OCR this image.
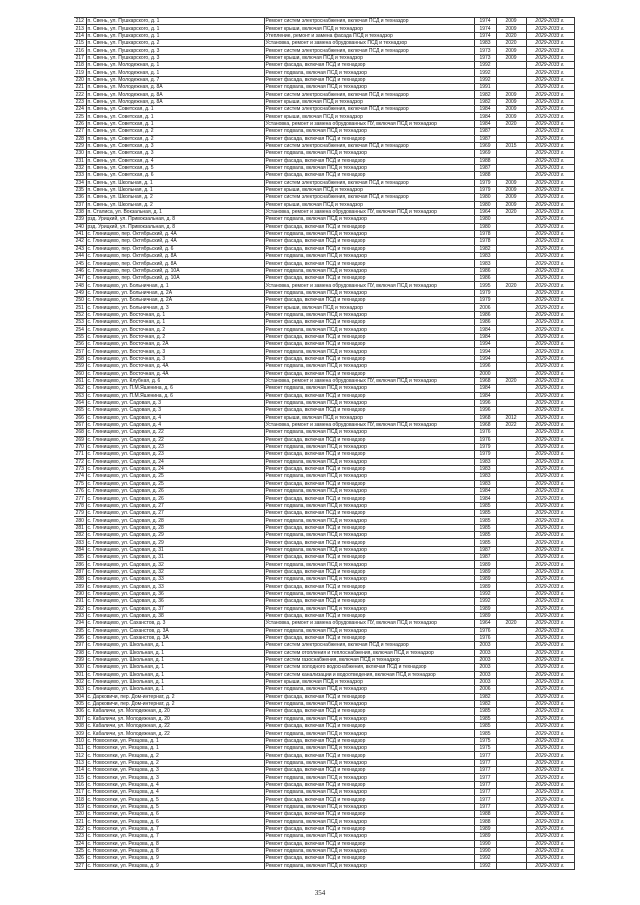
212	п. Свень, ул. Пушкарского, д. 1	Ремонт систем электроснабжения, включая ПСД и техназдор	1974	2009	2029-2033 г.
213	п. Свень, ул. Пушкарского, д. 1	Ремонт крыши, включая ПСД и технадзор	1974	2009	2029-2033 г.
214	п. Свень, ул. Пушкарского, д. 1	Утепление, ремонт и замена фасада ПСД и технадзор	1974	2020	2029-2033 г.
215	п. Свень, ул. Пушкарского, д. 2	Установка, ремонт и замена обрудованных ПСД и технадзор	1983	2020	2029-2033 г.
216	п. Свень, ул. Пушкарского, д. 3	Ремонт систем электроснабжения, включая ПСД и технадзор	1973	2009	2029-2033 г.
217	п. Свень, ул. Пушкарского, д. 3	Ремонт крыши, включая ПСД и технадзор	1973	2009	2029-2033 г.
218	п. Свень, ул. Молодежная, д. 1	Ремонт фасада, включая ПСД и технадзор	1992		2029-2033 г.
219	п. Свень, ул. Молодежная, д. 1	Ремонт подвала, включая ПСД и технадзор	1992		2029-2033 г.
220	п. Свень, ул. Молодежная, д. 7	Ремонт фасада, включая ПСД и технадзор	1992		2029-2033 г.
221	п. Свень, ул. Молодежная, д. 8А	Ремонт подвала, включая ПСД и технадзор	1991		2029-2033 г.
222	п. Свень, ул. Молодежная, д. 8А	Ремонт систем электроснабжения, включая ПСД и технадзор	1982	2009	2029-2033 г.
223	п. Свень, ул. Молодежная, д. 8А	Ремонт крыши, включая ПСД и технадзор	1982	2009	2029-2033 г.
224	п. Свень, ул. Советская, д. 1	Ремонт систем электроснабжения, включая ПСД и технадзор	1984	2009	2029-2033 г.
225	п. Свень, ул. Советская, д. 1	Ремонт крыши, включая ПСД и технадзор	1984	2009	2029-2033 г.
226	п. Свень, ул. Советская, д. 1	Установка, ремонт и замена обрудованных ПУ, включая ПСД и технадзор	1984	2020	2029-2033 г.
227	п. Свень, ул. Советская, д. 2	Ремонт подвала, включая ПСД и технадзор	1987		2029-2033 г.
228	п. Свень, ул. Советская, д. 2	Ремонт фасада, включая ПСД и технадзор	1987		2029-2033 г.
229	п. Свень, ул. Советская, д. 3	Ремонт систем электроснабжения, включая ПСД и технадзор	1969	2015	2029-2033 г.
230	п. Свень, ул. Советская, д. 3	Ремонт подвала, включая ПСД и технадзор	1969		2029-2033 г.
231	п. Свень, ул. Советская, д. 4	Ремонт фасада, включая ПСД и технадзор	1988		2029-2033 г.
232	п. Свень, ул. Советская, д. 5	Ремонт подвала, включая ПСД и технадзор	1987		2029-2033 г.
233	п. Свень, ул. Советская, д. 6	Ремонт фасада, включая ПСД и технадзор	1988		2029-2033 г.
234	п. Свень, ул. Школьная, д. 1	Ремонт систем электроснабжения, включая ПСД и технадзор	1979	2009	2029-2033 г.
235	п. Свень, ул. Школьная, д. 1	Ремонт крыши, включая ПСД и технадзор	1979	2009	2029-2033 г.
236	п. Свень, ул. Школьная, д. 2	Ремонт систем электроснабжения, включая ПСД и технадзор	1980	2009	2029-2033 г.
237	п. Свень, ул. Школьная, д. 2	Ремонт крыши, включая ПСД и технадзор	1980	2009	2029-2033 г.
238	п. Сталиса, ул. Вокзальная, д. 1	Установка, ремонт и замена обрудованных ПУ, включая ПСД и технадзор	1964	2020	2029-2033 г.
239	рзд. Урицкий, ул. Привокзальная, д. 8	Ремонт подвала, включая ПСД и технадзор	1980		2029-2033 г.
240	рзд. Урицкий, ул. Привокзальная, д. 8	Ремонт фасада, включая ПСД и технадзор	1980		2029-2033 г.
241	с. Глинищево, пер. Октябрьский, д. 4А	Ремонт подвала, включая ПСД и технадзор	1978		2029-2033 г.
242	с. Глинищево, пер. Октябрьский, д. 4А	Ремонт фасада, включая ПСД и технадзор	1978		2029-2033 г.
243	с. Глинищево, пер. Октябрьский, д. 6	Ремонт фасада, включая ПСД и технадзор	1982		2029-2033 г.
244	с. Глинищево, пер. Октябрьский, д. 8А	Ремонт подвала, включая ПСД и технадзор	1983		2029-2033 г.
245	с. Глинищево, пер. Октябрьский, д. 8А	Ремонт фасада, включая ПСД и технадзор	1983		2029-2033 г.
246	с. Глинищево, пер. Октябрьский, д. 10А	Ремонт подвала, включая ПСД и технадзор	1986		2029-2033 г.
247	с. Глинищево, пер. Октябрьский, д. 10А	Ремонт фасада, включая ПСД и технадзор	1986		2029-2033 г.
248	с. Глинищево, ул. Больничная, д. 1	Установка, ремонт и замена обрудованных ПУ, включая ПСД и технадзор	1995	2020	2029-2033 г.
249	с. Глинищево, ул. Больничная, д. 2А	Ремонт подвала, включая ПСД и технадзор	1979		2029-2033 г.
250	с. Глинищево, ул. Больничная, д. 2А	Ремонт фасада, включая ПСД и технадзор	1979		2029-2033 г.
251	с. Глинищево, ул. Больничная, д. 3	Ремонт крыши, включая ПСД и технадзор	2006		2029-2033 г.
252	с. Глинищево, ул. Восточная, д. 1	Ремонт подвала, включая ПСД и технадзор	1986		2029-2033 г.
253	с. Глинищево, ул. Восточная, д. 1	Ремонт фасада, включая ПСД и технадзор	1986		2029-2033 г.
254	с. Глинищево, ул. Восточная, д. 2	Ремонт подвала, включая ПСД и технадзор	1984		2029-2033 г.
255	с. Глинищево, ул. Восточная, д. 2	Ремонт фасада, включая ПСД и технадзор	1984		2029-2033 г.
256	с. Глинищево, ул. Восточная, д. 2А	Ремонт фасада, включая ПСД и технадзор	1994		2029-2033 г.
257	с. Глинищево, ул. Восточная, д. 3	Ремонт подвала, включая ПСД и технадзор	1994		2029-2033 г.
258	с. Глинищево, ул. Восточная, д. 3	Ремонт фасада, включая ПСД и технадзор	1994		2029-2033 г.
259	с. Глинищево, ул. Восточная, д. 4А	Ремонт подвала, включая ПСД и технадзор	1996		2029-2033 г.
260	с. Глинищево, ул. Восточная, д. 4А	Ремонт фасада, включая ПСД и технадзор	2000		2029-2033 г.
261	с. Глинищево, ул. Клубная, д. 6	Установка, ремонт и замена обрудованных ПУ, включая ПСД и технадзор	1968	2020	2029-2033 г.
262	с. Глинищево, ул. П.М.Яшенина, д. 6	Ремонт подвала, включая ПСД и технадзор	1984		2029-2033 г.
263	с. Глинищево, ул. П.М.Яшенина, д. 6	Ремонт фасада, включая ПСД и технадзор	1984		2029-2033 г.
264	с. Глинищево, ул. Садовая, д. 3	Ремонт подвала, включая ПСД и технадзор	1996		2029-2033 г.
265	с. Глинищево, ул. Садовая, д. 3	Ремонт фасада, включая ПСД и технадзор	1996		2029-2033 г.
266	с. Глинищево, ул. Садовая, д. 4	Ремонт крыши, включая ПСД и технадзор	1968	2012	2029-2033 г.
267	с. Глинищево, ул. Садовая, д. 4	Установка, ремонт и замена обрудованных ПУ, включая ПСД и технадзор	1968	2022	2029-2033 г.
268	с. Глинищево, ул. Садовая, д. 22	Ремонт подвала, включая ПСД и технадзор	1976		2029-2033 г.
269	с. Глинищево, ул. Садовая, д. 22	Ремонт фасада, включая ПСД и технадзор	1976		2029-2033 г.
270	с. Глинищево, ул. Садовая, д. 23	Ремонт подвала, включая ПСД и технадзор	1979		2029-2033 г.
271	с. Глинищево, ул. Садовая, д. 23	Ремонт фасада, включая ПСД и технадзор	1979		2029-2033 г.
272	с. Глинищево, ул. Садовая, д. 24	Ремонт подвала, включая ПСД и технадзор	1983		2029-2033 г.
273	с. Глинищево, ул. Садовая, д. 24	Ремонт фасада, включая ПСД и технадзор	1983		2029-2033 г.
274	с. Глинищево, ул. Садовая, д. 25	Ремонт подвала, включая ПСД и технадзор	1983		2029-2033 г.
275	с. Глинищево, ул. Садовая, д. 25	Ремонт фасада, включая ПСД и технадзор	1983		2029-2033 г.
276	с. Глинищево, ул. Садовая, д. 26	Ремонт подвала, включая ПСД и технадзор	1984		2029-2033 г.
277	с. Глинищево, ул. Садовая, д. 26	Ремонт фасада, включая ПСД и технадзор	1984		2029-2033 г.
278	с. Глинищево, ул. Садовая, д. 27	Ремонт подвала, включая ПСД и технадзор	1985		2029-2033 г.
279	с. Глинищево, ул. Садовая, д. 27	Ремонт фасада, включая ПСД и технадзор	1985		2029-2033 г.
280	с. Глинищево, ул. Садовая, д. 28	Ремонт подвала, включая ПСД и технадзор	1985		2029-2033 г.
281	с. Глинищево, ул. Садовая, д. 28	Ремонт фасада, включая ПСД и технадзор	1985		2029-2033 г.
282	с. Глинищево, ул. Садовая, д. 29	Ремонт подвала, включая ПСД и технадзор	1985		2029-2033 г.
283	с. Глинищево, ул. Садовая, д. 29	Ремонт фасада, включая ПСД и технадзор	1985		2029-2033 г.
284	с. Глинищево, ул. Садовая, д. 31	Ремонт подвала, включая ПСД и технадзор	1987		2029-2033 г.
285	с. Глинищево, ул. Садовая, д. 31	Ремонт фасада, включая ПСД и технадзор	1987		2029-2033 г.
286	с. Глинищево, ул. Садовая, д. 32	Ремонт подвала, включая ПСД и технадзор	1989		2029-2033 г.
287	с. Глинищево, ул. Садовая, д. 32	Ремонт фасада, включая ПСД и технадзор	1989		2029-2033 г.
288	с. Глинищево, ул. Садовая, д. 33	Ремонт подвала, включая ПСД и технадзор	1989		2029-2033 г.
289	с. Глинищево, ул. Садовая, д. 33	Ремонт фасада, включая ПСД и технадзор	1989		2029-2033 г.
290	с. Глинищево, ул. Садовая, д. 36	Ремонт подвала, включая ПСД и технадзор	1992		2029-2033 г.
291	с. Глинищево, ул. Садовая, д. 36	Ремонт фасада, включая ПСД и технадзор	1992		2029-2033 г.
292	с. Глинищево, ул. Садовая, д. 37	Ремонт подвала, включая ПСД и технадзор	1989		2029-2033 г.
293	с. Глинищево, ул. Садовая, д. 38	Ремонт фасада, включая ПСД и технадзор	1989		2029-2033 г.
294	с. Глинищево, ул. Саханстов, д. 3	Установка, ремонт и замена обрудованных ПУ, включая ПСД и технадзор	1964	2020	2029-2033 г.
295	с. Глинищево, ул. Саханстов, д. 3А	Ремонт подвала, включая ПСД и технадзор	1976		2029-2033 г.
296	с. Глинищево, ул. Саханстов, д. 3А	Ремонт фасада, включая ПСД и технадзор	1976		2029-2033 г.
297	с. Глинищево, ул. Школьная, д. 1	Ремонт систем электроснабжения, включая ПСД и технадзор	2003		2029-2033 г.
298	с. Глинищево, ул. Школьная, д. 1	Ремонт систем отопления и теплоснабжения, включая ПСД и технадзор	2003		2029-2033 г.
299	с. Глинищево, ул. Школьная, д. 1	Ремонт систем газоснабжения, включая ПСД и технадзор	2003		2029-2033 г.
300	с. Глинищево, ул. Школьная, д. 1	Ремонт систем холодного водоснабжения, включая ПСД и технадзор	2003		2029-2033 г.
301	с. Глинищево, ул. Школьная, д. 1	Ремонт систем канализации и водоотведения, включая ПСД и технадзор	2003		2029-2033 г.
302	с. Глинищево, ул. Школьная, д. 1	Ремонт крыши, включая ПСД и технадзор	2003		2029-2033 г.
303	с. Глинищево, ул. Школьная, д. 1	Ремонт подвала, включая ПСД и технадзор	2006		2029-2033 г.
304	с. Дарковичи, пер. Дом-интернат, д. 2	Ремонт фасада, включая ПСД и технадзор	1982		2029-2033 г.
305	с. Дарковичи, пер. Дом-интернат, д. 2	Ремонт подвала, включая ПСД и технадзор	1982		2029-2033 г.
306	с. Кабаличи, ул. Молодежная, д. 20	Ремонт фасада, включая ПСД и технадзор	1985		2029-2033 г.
307	с. Кабаличи, ул. Молодежная, д. 20	Ремонт подвала, включая ПСД и технадзор	1985		2029-2033 г.
308	с. Кабаличи, ул. Молодежная, д. 22	Ремонт фасада, включая ПСД и технадзор	1985		2029-2033 г.
309	с. Кабаличи, ул. Молодежная, д. 22	Ремонт подвала, включая ПСД и технадзор	1985		2029-2033 г.
310	с. Новоселки, ул. Резцова, д. 1	Ремонт фасада, включая ПСД и технадзор	1975		2029-2033 г.
311	с. Новоселки, ул. Резцова, д. 1	Ремонт подвала, включая ПСД и технадзор	1975		2029-2033 г.
312	с. Новоселки, ул. Резцова, д. 2	Ремонт фасада, включая ПСД и технадзор	1977		2029-2033 г.
313	с. Новоселки, ул. Резцова, д. 2	Ремонт подвала, включая ПСД и технадзор	1977		2029-2033 г.
314	с. Новоселки, ул. Резцова, д. 3	Ремонт фасада, включая ПСД и технадзор	1977		2029-2033 г.
315	с. Новоселки, ул. Резцова, д. 3	Ремонт подвала, включая ПСД и технадзор	1977		2029-2033 г.
316	с. Новоселки, ул. Резцова, д. 4	Ремонт фасада, включая ПСД и технадзор	1977		2029-2033 г.
317	с. Новоселки, ул. Резцова, д. 4	Ремонт подвала, включая ПСД и технадзор	1977		2029-2033 г.
318	с. Новоселки, ул. Резцова, д. 5	Ремонт фасада, включая ПСД и технадзор	1977		2029-2033 г.
319	с. Новоселки, ул. Резцова, д. 5	Ремонт подвала, включая ПСД и технадзор	1977		2029-2033 г.
320	с. Новоселки, ул. Резцова, д. 6	Ремонт фасада, включая ПСД и технадзор	1988		2029-2033 г.
321	с. Новоселки, ул. Резцова, д. 6	Ремонт подвала, включая ПСД и технадзор	1988		2029-2033 г.
322	с. Новоселки, ул. Резцова, д. 7	Ремонт фасада, включая ПСД и технадзор	1989		2029-2033 г.
323	с. Новоселки, ул. Резцова, д. 7	Ремонт подвала, включая ПСД и технадзор	1989		2029-2033 г.
324	с. Новоселки, ул. Резцова, д. 8	Ремонт фасада, включая ПСД и технадзор	1990		2029-2033 г.
325	с. Новоселки, ул. Резцова, д. 8	Ремонт подвала, включая ПСД и технадзор	1990		2029-2033 г.
326	с. Новоселки, ул. Резцова, д. 9	Ремонт фасада, включая ПСД и технадзор	1992		2029-2033 г.
327	с. Новоселки, ул. Резцова, д. 9	Ремонт подвала, включая ПСД и технадзор	1992		2029-2033 г.
354
